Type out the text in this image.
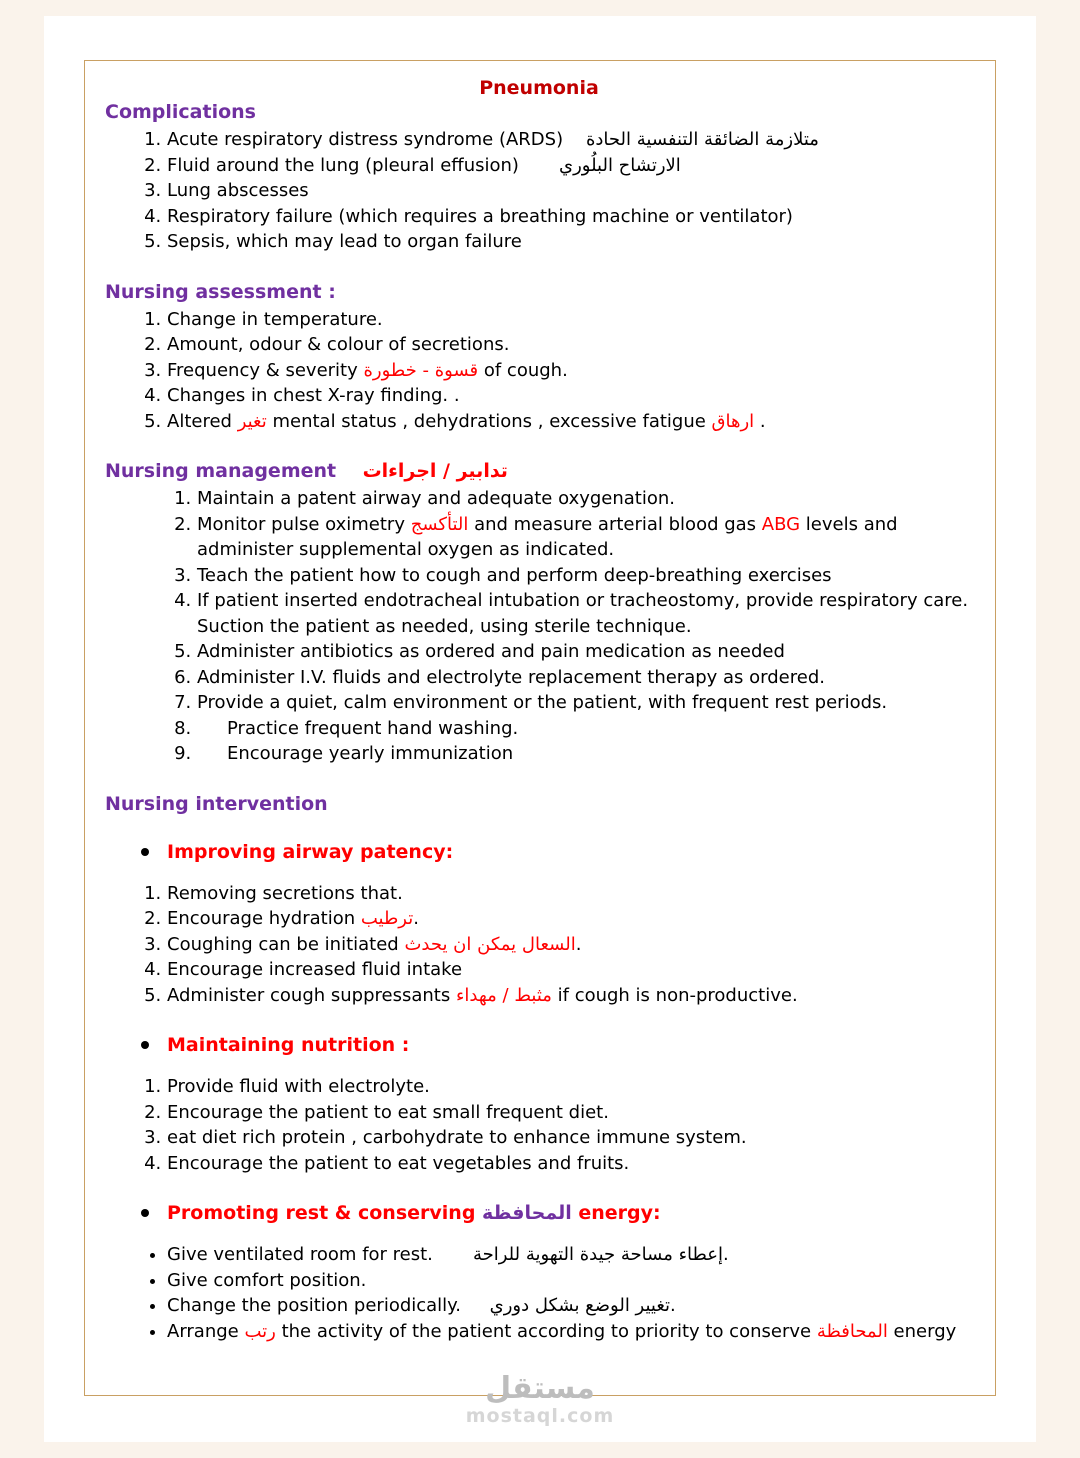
Pneumonia
Complications
1. Acute respiratory distress syndrome (ARDS)    متلازمة الضائقة التنفسية الحادة
2. Fluid around the lung (pleural effusion)       الارتشاح البلُوري
3. Lung abscesses
4. Respiratory failure (which requires a breathing machine or ventilator)
5. Sepsis, which may lead to organ failure
Nursing assessment :
1. Change in temperature.
2. Amount, odour & colour of secretions.
3. Frequency & severity قسوة - خطورة of cough.
4. Changes in chest X-ray finding. .
5. Altered تغير mental status , dehydrations , excessive fatigue ارهاق .
Nursing management تدابير / اجراءات
1. Maintain a patent airway and adequate oxygenation.
2. Monitor pulse oximetry التأكسج and measure arterial blood gas ABG levels and administer supplemental oxygen as indicated.
3. Teach the patient how to cough and perform deep-breathing exercises
4. If patient inserted endotracheal intubation or tracheostomy, provide respiratory care. Suction the patient as needed, using sterile technique.
5. Administer antibiotics as ordered and pain medication as needed
6. Administer I.V. fluids and electrolyte replacement therapy as ordered.
7. Provide a quiet, calm environment or the patient, with frequent rest periods.
8. Practice frequent hand washing.
9. Encourage yearly immunization
Nursing intervention
Improving airway patency:
1. Removing secretions that.
2. Encourage hydration ترطيب.
3. Coughing can be initiated السعال يمكن ان يحدث.
4. Encourage increased fluid intake
5. Administer cough suppressants مثبط / مهداء if cough is non-productive.
Maintaining nutrition :
1. Provide fluid with electrolyte.
2. Encourage the patient to eat small frequent diet.
3. eat diet rich protein , carbohydrate to enhance immune system.
4. Encourage the patient to eat vegetables and fruits.
Promoting rest & conserving المحافظة energy:
• Give ventilated room for rest.       إعطاء مساحة جيدة التهوية للراحة.
• Give comfort position.
• Change the position periodically.     تغيير الوضع بشكل دوري.
• Arrange رتب the activity of the patient according to priority to conserve المحافظة energy
مستقل
mostaql.com
